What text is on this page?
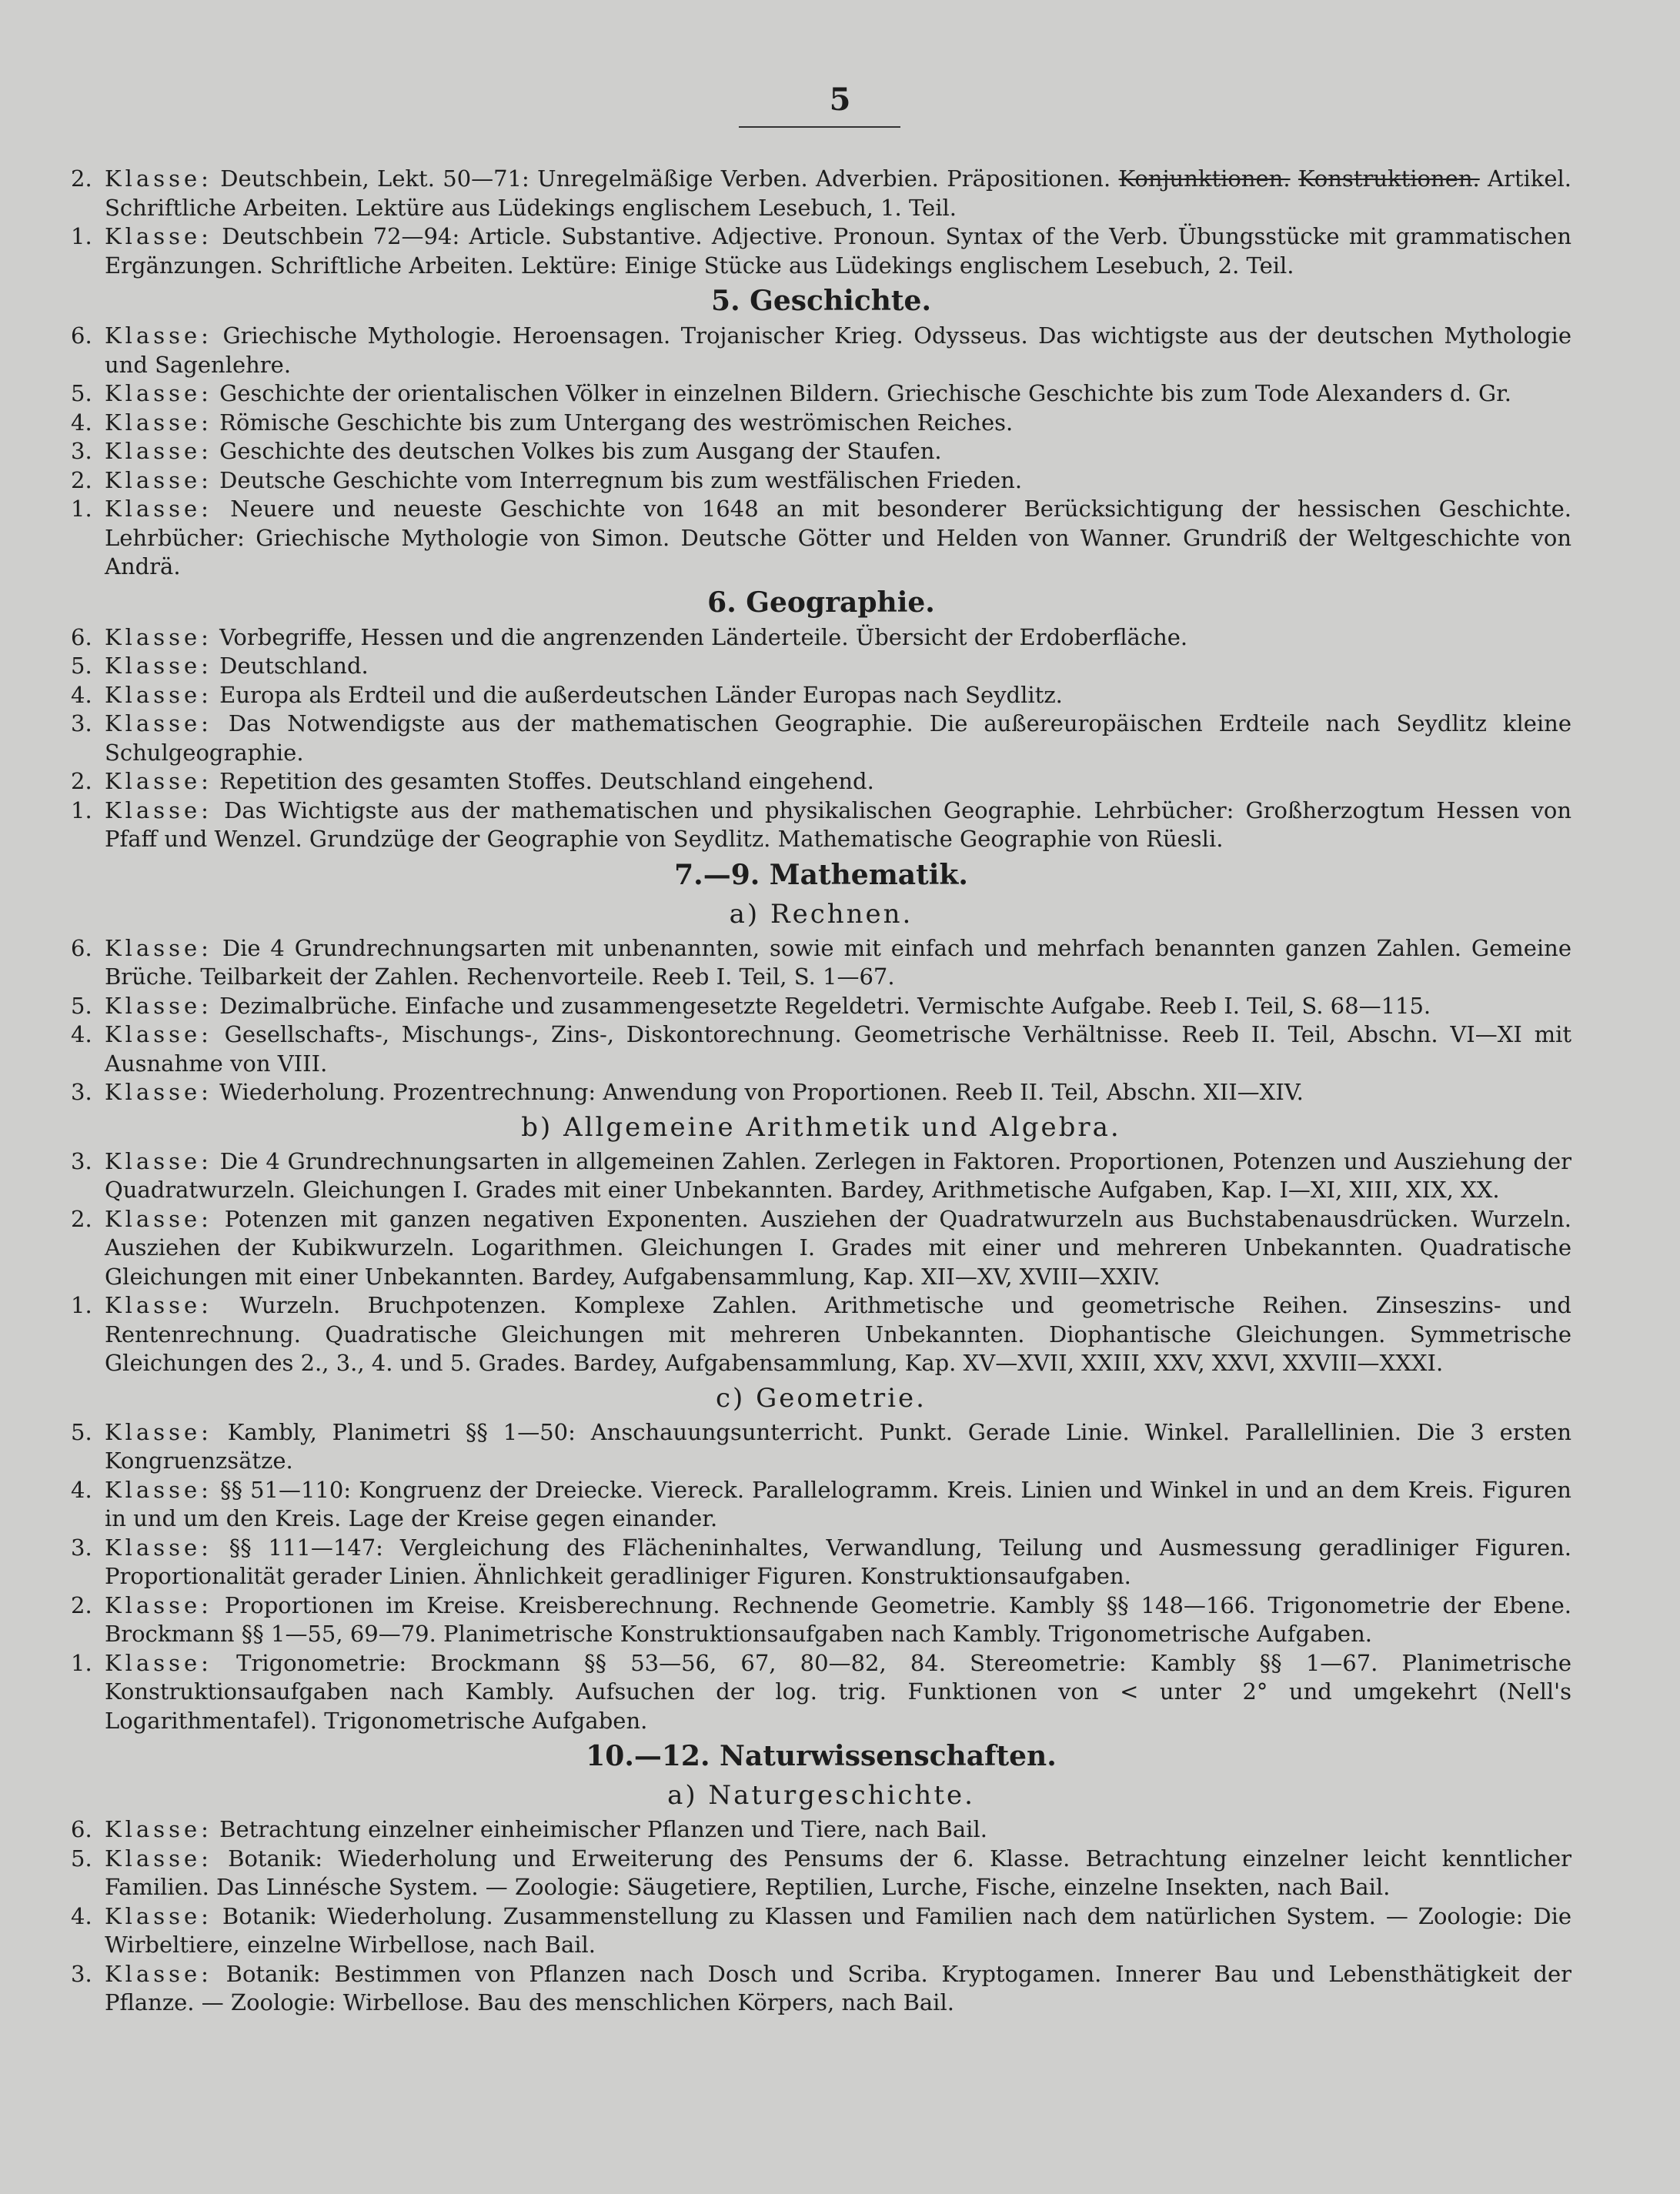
5
2. Klasse: Deutschbein, Lekt. 50—71: Unregelmäßige Verben. Adverbien. Präpositionen. Konjunktionen. Konstruktionen. Artikel. Schriftliche Arbeiten. Lektüre aus Lüdekings englischem Lesebuch, 1. Teil.
1. Klasse: Deutschbein 72—94: Article. Substantive. Adjective. Pronoun. Syntax of the Verb. Übungsstücke mit grammatischen Ergänzungen. Schriftliche Arbeiten. Lektüre: Einige Stücke aus Lüdekings englischem Lesebuch, 2. Teil.
5. Geschichte.
6. Klasse: Griechische Mythologie. Heroensagen. Trojanischer Krieg. Odysseus. Das wichtigste aus der deutschen Mythologie und Sagenlehre.
5. Klasse: Geschichte der orientalischen Völker in einzelnen Bildern. Griechische Geschichte bis zum Tode Alexanders d. Gr.
4. Klasse: Römische Geschichte bis zum Untergang des weströmischen Reiches.
3. Klasse: Geschichte des deutschen Volkes bis zum Ausgang der Staufen.
2. Klasse: Deutsche Geschichte vom Interregnum bis zum westfälischen Frieden.
1. Klasse: Neuere und neueste Geschichte von 1648 an mit besonderer Berücksichtigung der hessischen Geschichte. Lehrbücher: Griechische Mythologie von Simon. Deutsche Götter und Helden von Wanner. Grundriß der Weltgeschichte von Andrä.
6. Geographie.
6. Klasse: Vorbegriffe, Hessen und die angrenzenden Länderteile. Übersicht der Erdoberfläche.
5. Klasse: Deutschland.
4. Klasse: Europa als Erdteil und die außerdeutschen Länder Europas nach Seydlitz.
3. Klasse: Das Notwendigste aus der mathematischen Geographie. Die außereuropäischen Erdteile nach Seydlitz kleine Schulgeographie.
2. Klasse: Repetition des gesamten Stoffes. Deutschland eingehend.
1. Klasse: Das Wichtigste aus der mathematischen und physikalischen Geographie. Lehrbücher: Großherzogtum Hessen von Pfaff und Wenzel. Grundzüge der Geographie von Seydlitz. Mathematische Geographie von Rüesli.
7.—9. Mathematik.
a) Rechnen.
6. Klasse: Die 4 Grundrechnungsarten mit unbenannten, sowie mit einfach und mehrfach benannten ganzen Zahlen. Gemeine Brüche. Teilbarkeit der Zahlen. Rechenvorteile. Reeb I. Teil, S. 1—67.
5. Klasse: Dezimalbrüche. Einfache und zusammengesetzte Regeldetri. Vermischte Aufgabe. Reeb I. Teil, S. 68—115.
4. Klasse: Gesellschafts-, Mischungs-, Zins-, Diskontorechnung. Geometrische Verhältnisse. Reeb II. Teil, Abschn. VI—XI mit Ausnahme von VIII.
3. Klasse: Wiederholung. Prozentrechnung: Anwendung von Proportionen. Reeb II. Teil, Abschn. XII—XIV.
b) Allgemeine Arithmetik und Algebra.
3. Klasse: Die 4 Grundrechnungsarten in allgemeinen Zahlen. Zerlegen in Faktoren. Proportionen, Potenzen und Ausziehung der Quadratwurzeln. Gleichungen I. Grades mit einer Unbekannten. Bardey, Arithmetische Aufgaben, Kap. I—XI, XIII, XIX, XX.
2. Klasse: Potenzen mit ganzen negativen Exponenten. Ausziehen der Quadratwurzeln aus Buchstabenausdrücken. Wurzeln. Ausziehen der Kubikwurzeln. Logarithmen. Gleichungen I. Grades mit einer und mehreren Unbekannten. Quadratische Gleichungen mit einer Unbekannten. Bardey, Aufgabensammlung, Kap. XII—XV, XVIII—XXIV.
1. Klasse: Wurzeln. Bruchpotenzen. Komplexe Zahlen. Arithmetische und geometrische Reihen. Zinseszins- und Rentenrechnung. Quadratische Gleichungen mit mehreren Unbekannten. Diophantische Gleichungen. Symmetrische Gleichungen des 2., 3., 4. und 5. Grades. Bardey, Aufgabensammlung, Kap. XV—XVII, XXIII, XXV, XXVI, XXVIII—XXXI.
c) Geometrie.
5. Klasse: Kambly, Planimetri §§ 1—50: Anschauungsunterricht. Punkt. Gerade Linie. Winkel. Parallellinien. Die 3 ersten Kongruenzsätze.
4. Klasse: §§ 51—110: Kongruenz der Dreiecke. Viereck. Parallelogramm. Kreis. Linien und Winkel in und an dem Kreis. Figuren in und um den Kreis. Lage der Kreise gegen einander.
3. Klasse: §§ 111—147: Vergleichung des Flächeninhaltes, Verwandlung, Teilung und Ausmessung geradliniger Figuren. Proportionalität gerader Linien. Ähnlichkeit geradliniger Figuren. Konstruktionsaufgaben.
2. Klasse: Proportionen im Kreise. Kreisberechnung. Rechnende Geometrie. Kambly §§ 148—166. Trigonometrie der Ebene. Brockmann §§ 1—55, 69—79. Planimetrische Konstruktionsaufgaben nach Kambly. Trigonometrische Aufgaben.
1. Klasse: Trigonometrie: Brockmann §§ 53—56, 67, 80—82, 84. Stereometrie: Kambly §§ 1—67. Planimetrische Konstruktionsaufgaben nach Kambly. Aufsuchen der log. trig. Funktionen von < unter 2° und umgekehrt (Nell's Logarithmentafel). Trigonometrische Aufgaben.
10.—12. Naturwissenschaften.
a) Naturgeschichte.
6. Klasse: Betrachtung einzelner einheimischer Pflanzen und Tiere, nach Bail.
5. Klasse: Botanik: Wiederholung und Erweiterung des Pensums der 6. Klasse. Betrachtung einzelner leicht kenntlicher Familien. Das Linnésche System. — Zoologie: Säugetiere, Reptilien, Lurche, Fische, einzelne Insekten, nach Bail.
4. Klasse: Botanik: Wiederholung. Zusammenstellung zu Klassen und Familien nach dem natürlichen System. — Zoologie: Die Wirbeltiere, einzelne Wirbellose, nach Bail.
3. Klasse: Botanik: Bestimmen von Pflanzen nach Dosch und Scriba. Kryptogamen. Innerer Bau und Lebensthätigkeit der Pflanze. — Zoologie: Wirbellose. Bau des menschlichen Körpers, nach Bail.
